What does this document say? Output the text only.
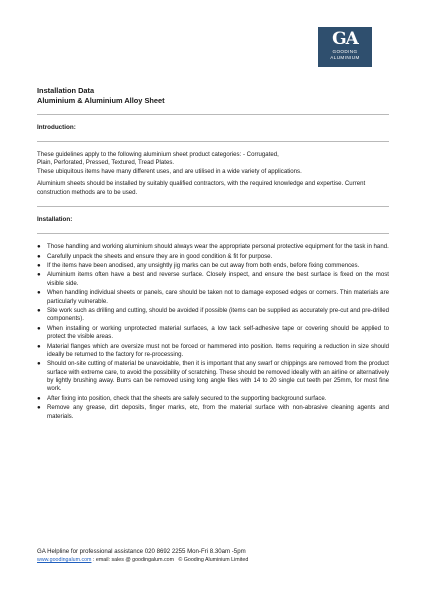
GA
GOODING
ALUMINIUM
Installation Data
Aluminium & Aluminium Alloy Sheet
Introduction:
These guidelines apply to the following aluminium sheet product categories: - Corrugated,
Plain, Perforated, Pressed, Textured, Tread Plates.
These ubiquitous items have many different uses, and are utilised in a wide variety of applications.
Aluminium sheets should be installed by suitably qualified contractors, with the required knowledge and expertise. Current construction methods are to be used.
Installation:
● Those handling and working aluminium should always wear the appropriate personal protective equipment for the task in hand.
● Carefully unpack the sheets and ensure they are in good condition & fit for purpose.
● If the items have been anodised, any unsightly jig marks can be cut away from both ends, before fixing commences.
● Aluminium items often have a best and reverse surface. Closely inspect, and ensure the best surface is fixed on the most visible side.
● When handling individual sheets or panels, care should be taken not to damage exposed edges or corners. Thin materials are particularly vulnerable.
● Site work such as drilling and cutting, should be avoided if possible (items can be supplied as accurately pre-cut and pre-drilled components).
● When installing or working unprotected material surfaces, a low tack self-adhesive tape or covering should be applied to protect the visible areas.
● Material flanges which are oversize must not be forced or hammered into position. Items requiring a reduction in size should ideally be returned to the factory for re-processing.
● Should on-site cutting of material be unavoidable, then it is important that any swarf or chippings are removed from the product surface with extreme care, to avoid the possibility of scratching. These should be removed ideally with an airline or alternatively by lightly brushing away. Burrs can be removed using long angle files with 14 to 20 single cut teeth per 25mm, for most fine work.
● After fixing into position, check that the sheets are safely secured to the supporting background surface.
● Remove any grease, dirt deposits, finger marks, etc, from the material surface with non-abrasive cleaning agents and materials.
GA Helpline for professional assistance 020 8692 2255 Mon-Fri 8.30am -5pm
www.goodingalum.com : email: sales @ goodingalum.com © Gooding Aluminium Limited
